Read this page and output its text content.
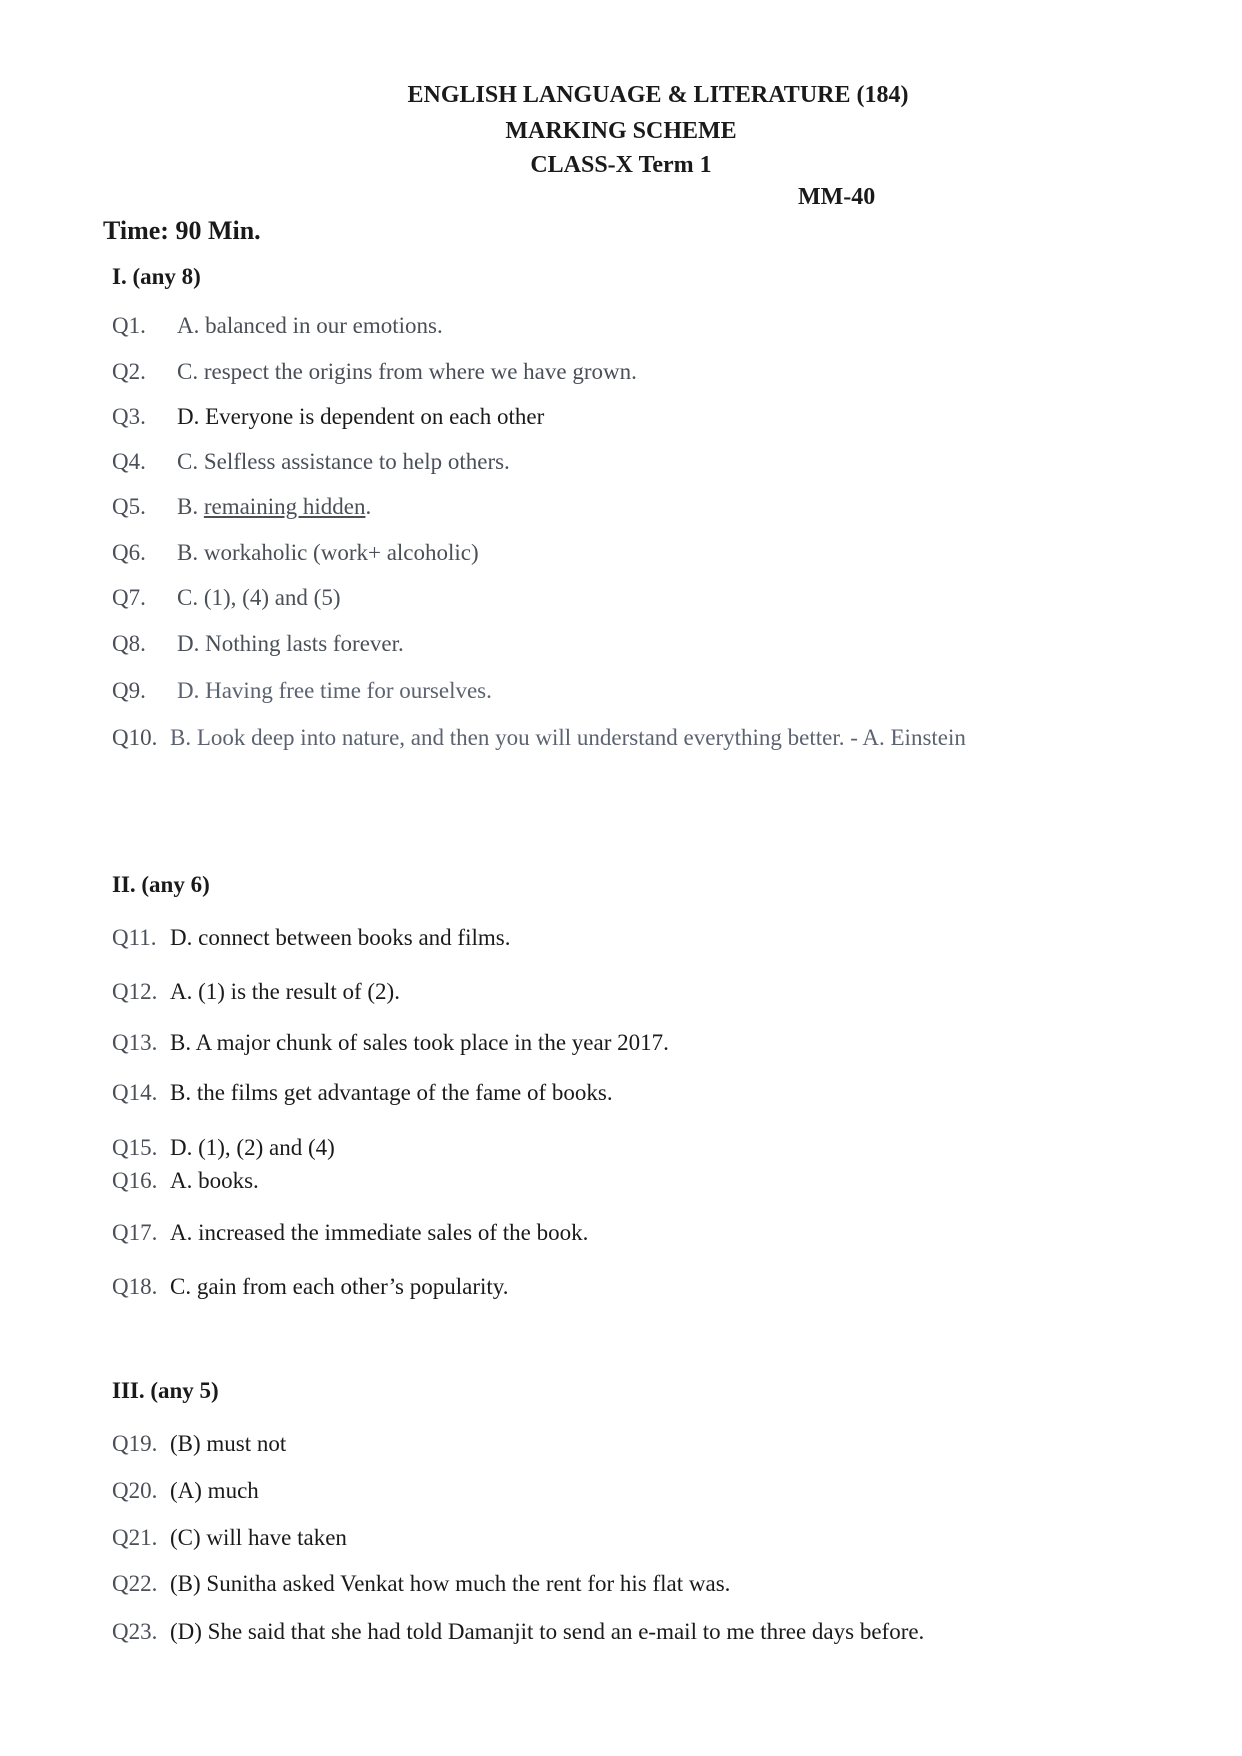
ENGLISH LANGUAGE & LITERATURE (184)
MARKING SCHEME
CLASS-X Term 1
MM-40
Time: 90 Min.
I. (any 8)
Q1. A. balanced in our emotions.
Q2. C. respect the origins from where we have grown.
Q3. D. Everyone is dependent on each other
Q4. C. Selfless assistance to help others.
Q5. B. remaining hidden.
Q6. B. workaholic (work+ alcoholic)
Q7. C. (1), (4) and (5)
Q8. D. Nothing lasts forever.
Q9. D. Having free time for ourselves.
Q10. B. Look deep into nature, and then you will understand everything better. - A. Einstein
II. (any 6)
Q11. D. connect between books and films.
Q12. A. (1) is the result of (2).
Q13. B. A major chunk of sales took place in the year 2017.
Q14. B. the films get advantage of the fame of books.
Q15. D. (1), (2) and (4)
Q16. A. books.
Q17. A. increased the immediate sales of the book.
Q18. C. gain from each other’s popularity.
III. (any 5)
Q19. (B) must not
Q20. (A) much
Q21. (C) will have taken
Q22. (B) Sunitha asked Venkat how much the rent for his flat was.
Q23. (D) She said that she had told Damanjit to send an e-mail to me three days before.
